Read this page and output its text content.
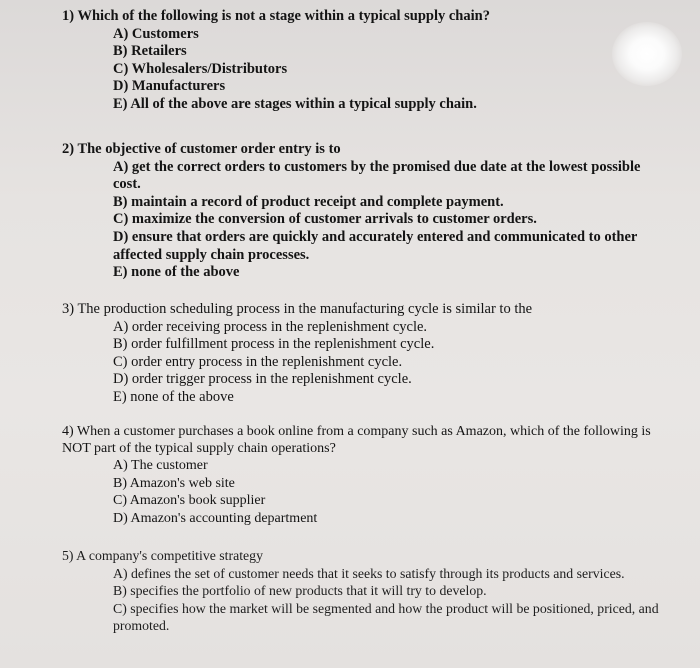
1) Which of the following is not a stage within a typical supply chain?

A) Customers

B) Retailers

C) Wholesalers/Distributors

D) Manufacturers

E) All of the above are stages within a typical supply chain.

2) The objective of customer order entry is to

A) get the correct orders to customers by the promised due date at the lowest possible cost.

B) maintain a record of product receipt and complete payment.

C) maximize the conversion of customer arrivals to customer orders.

D) ensure that orders are quickly and accurately entered and communicated to other affected supply chain processes.

E) none of the above

3) The production scheduling process in the manufacturing cycle is similar to the

A) order receiving process in the replenishment cycle.

B) order fulfillment process in the replenishment cycle.

C) order entry process in the replenishment cycle.

D) order trigger process in the replenishment cycle.

E) none of the above

4) When a customer purchases a book online from a company such as Amazon, which of the following is NOT part of the typical supply chain operations?

A) The customer

B) Amazon's web site

C) Amazon's book supplier

D) Amazon's accounting department

5) A company's competitive strategy

A) defines the set of customer needs that it seeks to satisfy through its products and services.

B) specifies the portfolio of new products that it will try to develop.

C) specifies how the market will be segmented and how the product will be positioned, priced, and promoted.
